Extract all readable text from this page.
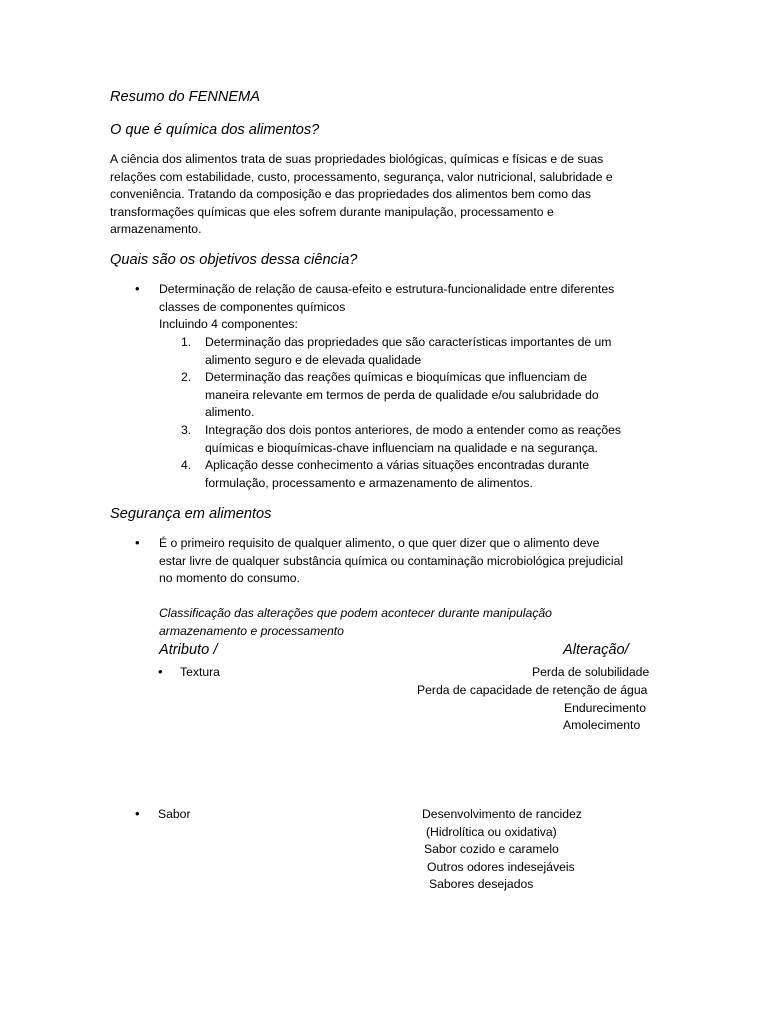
Resumo do FENNEMA
O que é química dos alimentos?
A ciência dos alimentos trata de suas propriedades biológicas, químicas e físicas e de suas
relações com estabilidade, custo, processamento, segurança, valor nutricional, salubridade e
conveniência. Tratando da composição e das propriedades dos alimentos bem como das
transformações químicas que eles sofrem durante manipulação, processamento e
armazenamento.
Quais são os objetivos dessa ciência?
• Determinação de relação de causa-efeito e estrutura-funcionalidade entre diferentes
classes de componentes químicos
Incluindo 4 componentes:
1. Determinação das propriedades que são características importantes de um
alimento seguro e de elevada qualidade
2. Determinação das reações químicas e bioquímicas que influenciam de
maneira relevante em termos de perda de qualidade e/ou salubridade do
alimento.
3. Integração dos dois pontos anteriores, de modo a entender como as reações
químicas e bioquímicas-chave influenciam na qualidade e na segurança.
4. Aplicação desse conhecimento a várias situações encontradas durante
formulação, processamento e armazenamento de alimentos.
Segurança em alimentos
• É o primeiro requisito de qualquer alimento, o que quer dizer que o alimento deve
estar livre de qualquer substância química ou contaminação microbiológica prejudicial
no momento do consumo.
Classificação das alterações que podem acontecer durante manipulação
armazenamento e processamento
Atributo /	Alteração/
• Textura	Perda de solubilidade
Perda de capacidade de retenção de água
Endurecimento
Amolecimento
• Sabor	Desenvolvimento de rancidez
(Hidrolítica ou oxidativa)
Sabor cozido e caramelo
Outros odores indesejáveis
Sabores desejados
